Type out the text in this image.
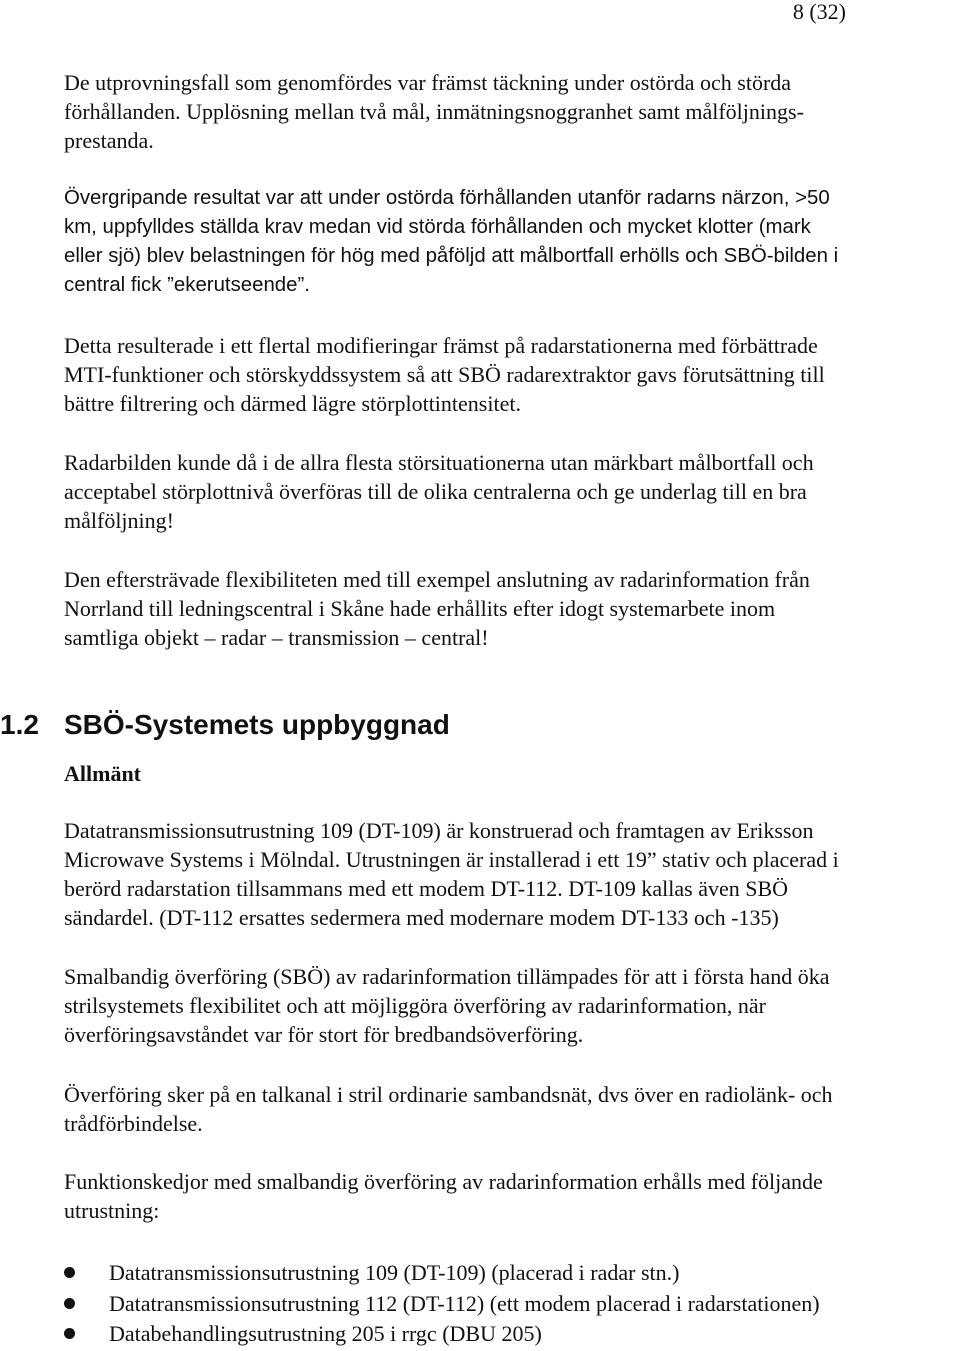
8 (32)

De utprovningsfall som genomfördes var främst täckning under ostörda och störda
förhållanden. Upplösning mellan två mål, inmätningsnoggranhet samt målföljnings-
prestanda.

Övergripande resultat var att under ostörda förhållanden utanför radarns närzon, >50
km, uppfylldes ställda krav medan vid störda förhållanden och mycket klotter (mark
eller sjö) blev belastningen för hög med påföljd att målbortfall erhölls och SBÖ-bilden i
central fick ”ekerutseende”.

Detta resulterade i ett flertal modifieringar främst på radarstationerna med förbättrade
MTI-funktioner och störskyddssystem så att SBÖ radarextraktor gavs förutsättning till
bättre filtrering och därmed lägre störplottintensitet.

Radarbilden kunde då i de allra flesta störsituationerna utan märkbart målbortfall och
acceptabel störplottnivå överföras till de olika centralerna och ge underlag till en bra
målföljning!

Den eftersträvade flexibiliteten med till exempel anslutning av radarinformation från
Norrland till ledningscentral i Skåne hade erhållits efter idogt systemarbete inom
samtliga objekt – radar – transmission – central!

1.2 SBÖ-Systemets uppbyggnad
Allmänt

Datatransmissionsutrustning 109 (DT-109) är konstruerad och framtagen av Eriksson
Microwave Systems i Mölndal. Utrustningen är installerad i ett 19” stativ och placerad i
berörd radarstation tillsammans med ett modem DT-112. DT-109 kallas även SBÖ
sändardel. (DT-112 ersattes sedermera med modernare modem DT-133 och -135)

Smalbandig överföring (SBÖ) av radarinformation tillämpades för att i första hand öka
strilsystemets flexibilitet och att möjliggöra överföring av radarinformation, när
överföringsavståndet var för stort för bredbandsöverföring.

Överföring sker på en talkanal i stril ordinarie sambandsnät, dvs över en radiolänk- och
trådförbindelse.

Funktionskedjor med smalbandig överföring av radarinformation erhålls med följande
utrustning:

Datatransmissionsutrustning 109 (DT-109) (placerad i radar stn.)
Datatransmissionsutrustning 112 (DT-112) (ett modem placerad i radarstationen)
Databehandlingsutrustning 205 i rrgc (DBU 205)
